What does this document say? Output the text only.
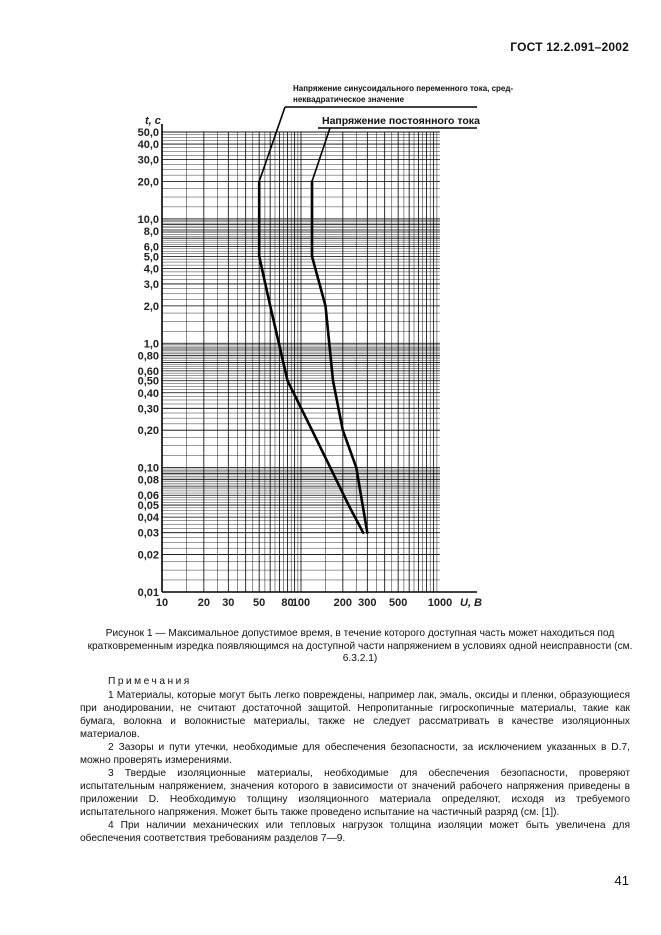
ГОСТ 12.2.091–2002
10	20 30 50 80
100 200 300 500 1000
0,01
0,02
0,03
0,04
0,05
0,06
0,08
0,10
0,20
0,30
0,40
0,50
0,60
0,80
1,0
2,0
3,0
4,0
5,0
6,0
8,0
10,0
20,0
30,0
40,0
50,0
U, В
t, с
Напряжение синусоидального переменного тока, сред-
неквадратическое значение
Напряжение постоянного тока
Рисунок 1 — Максимальное допустимое время, в течение которого доступная часть может находиться под кратковременным изредка появляющимся на доступной части напряжением в условиях одной неисправности (см. 6.3.2.1)
Примечания

1 Материалы, которые могут быть легко повреждены, например лак, эмаль, оксиды и пленки, образующиеся при анодировании, не считают достаточной защитой. Непропитанные гигроскопичные материалы, такие как бумага, волокна и волокнистые материалы, также не следует рассматривать в качестве изоляционных материалов.

2 Зазоры и пути утечки, необходимые для обеспечения безопасности, за исключением указанных в D.7, можно проверять измерениями.

3 Твердые изоляционные материалы, необходимые для обеспечения безопасности, проверяют испытательным напряжением, значения которого в зависимости от значений рабочего напряжения приведены в приложении D. Необходимую толщину изоляционного материала определяют, исходя из требуемого испытательного напряжения. Может быть также проведено испытание на частичный разряд (см. [1]).

4 При наличии механических или тепловых нагрузок толщина изоляции может быть увеличена для обеспечения соответствия требованиям разделов 7—9.

41
